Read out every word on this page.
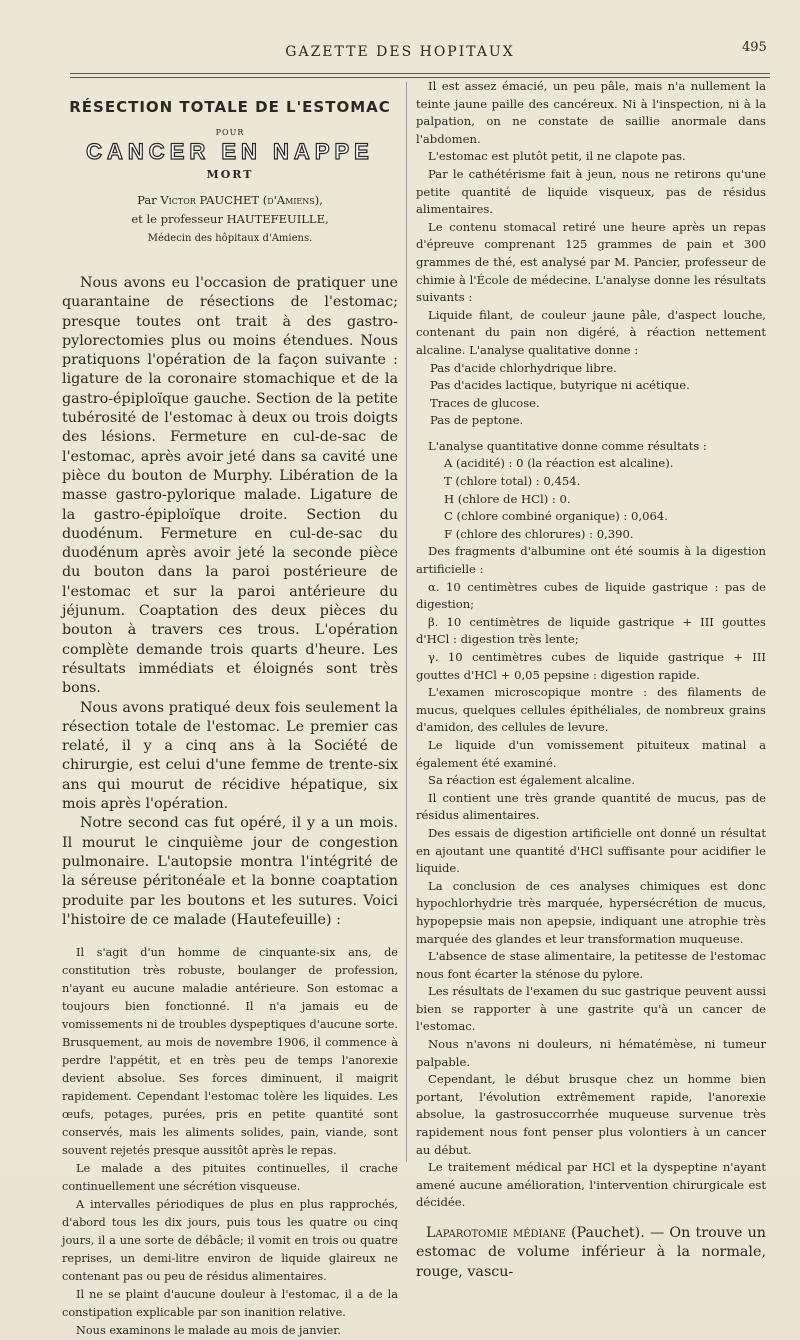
GAZETTE DES HOPITAUX	495
RÉSECTION TOTALE DE L'ESTOMAC
POUR
CANCER EN NAPPE
MORT
Par Victor PAUCHET (d'Amiens),
et le professeur HAUTEFEUILLE,
Médecin des hôpitaux d'Amiens.

Nous avons eu l'occasion de pratiquer une quarantaine de résections de l'estomac; presque toutes ont trait à des gastro-pylorectomies plus ou moins étendues. Nous pratiquons l'opération de la façon suivante : ligature de la coronaire stomachique et de la gastro-épiploïque gauche. Section de la petite tubérosité de l'estomac à deux ou trois doigts des lésions. Fermeture en cul-de-sac de l'estomac, après avoir jeté dans sa cavité une pièce du bouton de Murphy. Libération de la masse gastro-pylorique malade. Ligature de la gastro-épiploïque droite. Section du duodénum. Fermeture en cul-de-sac du duodénum après avoir jeté la seconde pièce du bouton dans la paroi postérieure de l'estomac et sur la paroi antérieure du jéjunum. Coaptation des deux pièces du bouton à travers ces trous. L'opération complète demande trois quarts d'heure. Les résultats immédiats et éloignés sont très bons.

Nous avons pratiqué deux fois seulement la résection totale de l'estomac. Le premier cas relaté, il y a cinq ans à la Société de chirurgie, est celui d'une femme de trente-six ans qui mourut de récidive hépatique, six mois après l'opération.

Notre second cas fut opéré, il y a un mois. Il mourut le cinquième jour de congestion pulmonaire. L'autopsie montra l'intégrité de la séreuse péritonéale et la bonne coaptation produite par les boutons et les sutures. Voici l'histoire de ce malade (Hautefeuille) :

Il s'agit d'un homme de cinquante-six ans, de constitution très robuste, boulanger de profession, n'ayant eu aucune maladie antérieure. Son estomac a toujours bien fonctionné. Il n'a jamais eu de vomissements ni de troubles dyspeptiques d'aucune sorte. Brusquement, au mois de novembre 1906, il commence à perdre l'appétit, et en très peu de temps l'anorexie devient absolue. Ses forces diminuent, il maigrit rapidement. Cependant l'estomac tolère les liquides. Les œufs, potages, purées, pris en petite quantité sont conservés, mais les aliments solides, pain, viande, sont souvent rejetés presque aussitôt après le repas.

Le malade a des pituites continuelles, il crache continuellement une sécrétion visqueuse.

A intervalles périodiques de plus en plus rapprochés, d'abord tous les dix jours, puis tous les quatre ou cinq jours, il a une sorte de débâcle; il vomit en trois ou quatre reprises, un demi-litre environ de liquide glaireux ne contenant pas ou peu de résidus alimentaires.

Il ne se plaint d'aucune douleur à l'estomac, il a de la constipation explicable par son inanition relative.

Nous examinons le malade au mois de janvier.

Il est assez émacié, un peu pâle, mais n'a nullement la teinte jaune paille des cancéreux. Ni à l'inspection, ni à la palpation, on ne constate de saillie anormale dans l'abdomen.

L'estomac est plutôt petit, il ne clapote pas.

Par le cathétérisme fait à jeun, nous ne retirons qu'une petite quantité de liquide visqueux, pas de résidus alimentaires.

Le contenu stomacal retiré une heure après un repas d'épreuve comprenant 125 grammes de pain et 300 grammes de thé, est analysé par M. Pancier, professeur de chimie à l'École de médecine. L'analyse donne les résultats suivants :

Liquide filant, de couleur jaune pâle, d'aspect louche, contenant du pain non digéré, à réaction nettement alcaline. L'analyse qualitative donne :

Pas d'acide chlorhydrique libre.

Pas d'acides lactique, butyrique ni acétique.

Traces de glucose.

Pas de peptone.

L'analyse quantitative donne comme résultats :

A (acidité) : 0 (la réaction est alcaline).

T (chlore total) : 0,454.

H (chlore de HCl) : 0.

C (chlore combiné organique) : 0,064.

F (chlore des chlorures) : 0,390.

Des fragments d'albumine ont été soumis à la digestion artificielle :

α. 10 centimètres cubes de liquide gastrique : pas de digestion;

β. 10 centimètres de liquide gastrique + III gouttes d'HCl : digestion très lente;

γ. 10 centimètres cubes de liquide gastrique + III gouttes d'HCl + 0,05 pepsine : digestion rapide.

L'examen microscopique montre : des filaments de mucus, quelques cellules épithéliales, de nombreux grains d'amidon, des cellules de levure.

Le liquide d'un vomissement pituiteux matinal a également été examiné.

Sa réaction est également alcaline.

Il contient une très grande quantité de mucus, pas de résidus alimentaires.

Des essais de digestion artificielle ont donné un résultat en ajoutant une quantité d'HCl suffisante pour acidifier le liquide.

La conclusion de ces analyses chimiques est donc hypochlorhydrie très marquée, hypersécrétion de mucus, hypopepsie mais non apepsie, indiquant une atrophie très marquée des glandes et leur transformation muqueuse.

L'absence de stase alimentaire, la petitesse de l'estomac nous font écarter la sténose du pylore.

Les résultats de l'examen du suc gastrique peuvent aussi bien se rapporter à une gastrite qu'à un cancer de l'estomac.

Nous n'avons ni douleurs, ni hématémèse, ni tumeur palpable.

Cependant, le début brusque chez un homme bien portant, l'évolution extrêmement rapide, l'anorexie absolue, la gastrosuccorrhée muqueuse survenue très rapidement nous font penser plus volontiers à un cancer au début.

Le traitement médical par HCl et la dyspeptine n'ayant amené aucune amélioration, l'intervention chirurgicale est décidée.

Laparotomie médiane (Pauchet). — On trouve un estomac de volume inférieur à la normale, rouge, vascu-
